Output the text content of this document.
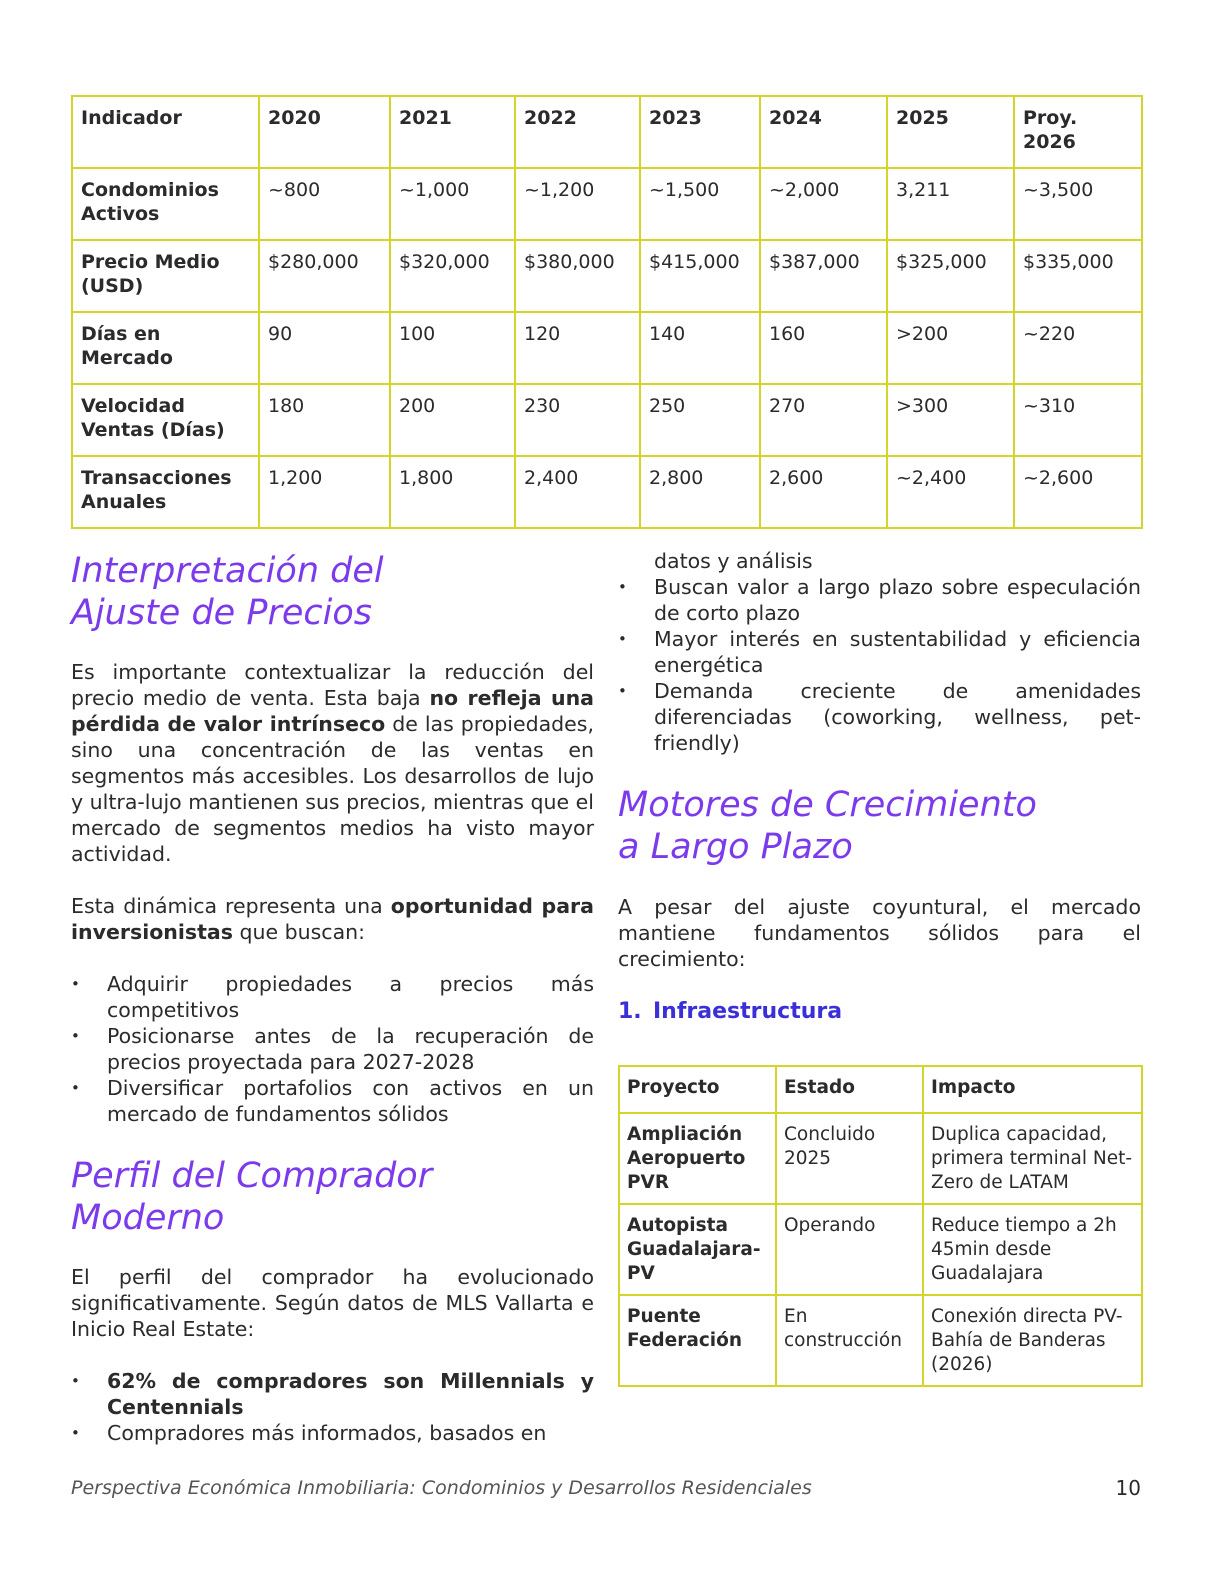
Indicador	2020	2021	2022	2023	2024	2025	Proy. 2026
Condominios Activos	~800	~1,000	~1,200	~1,500	~2,000	3,211	~3,500
Precio Medio (USD)	$280,000	$320,000	$380,000	$415,000	$387,000	$325,000	$335,000
Días en Mercado	90	100	120	140	160	>200	~220
Velocidad Ventas (Días)	180	200	230	250	270	>300	~310
Transacciones Anuales	1,200	1,800	2,400	2,800	2,600	~2,400	~2,600
Interpretación del
Ajuste de Precios

Es importante contextualizar la reducción del precio medio de venta. Esta baja no refleja una pérdida de valor intrínseco de las propiedades, sino una concentración de las ventas en segmentos más accesibles. Los desarrollos de lujo y ultra-lujo mantienen sus precios, mientras que el mercado de segmentos medios ha visto mayor actividad.

Esta dinámica representa una oportunidad para inversionistas que buscan:

• Adquirir propiedades a precios más competitivos
• Posicionarse antes de la recuperación de precios proyectada para 2027-2028
• Diversificar portafolios con activos en un mercado de fundamentos sólidos
Perfil del Comprador
Moderno

El perfil del comprador ha evolucionado significativamente. Según datos de MLS Vallarta e Inicio Real Estate:

• 62% de compradores son Millennials y Centennials
• Compradores más informados, basados en
datos y análisis
• Buscan valor a largo plazo sobre especulación de corto plazo
• Mayor interés en sustentabilidad y eficiencia energética
• Demanda creciente de amenidades diferenciadas (coworking, wellness, pet-friendly)
Motores de Crecimiento
a Largo Plazo

A pesar del ajuste coyuntural, el mercado mantiene fundamentos sólidos para el crecimiento:

1. Infraestructura
Proyecto	Estado	Impacto
Ampliación Aeropuerto PVR	Concluido 2025	Duplica capacidad, primera terminal Net-Zero de LATAM
Autopista Guadalajara-PV	Operando	Reduce tiempo a 2h 45min desde Guadalajara
Puente Federación	En construcción	Conexión directa PV-Bahía de Banderas (2026)
Perspectiva Económica Inmobiliaria: Condominios y Desarrollos Residenciales	10
